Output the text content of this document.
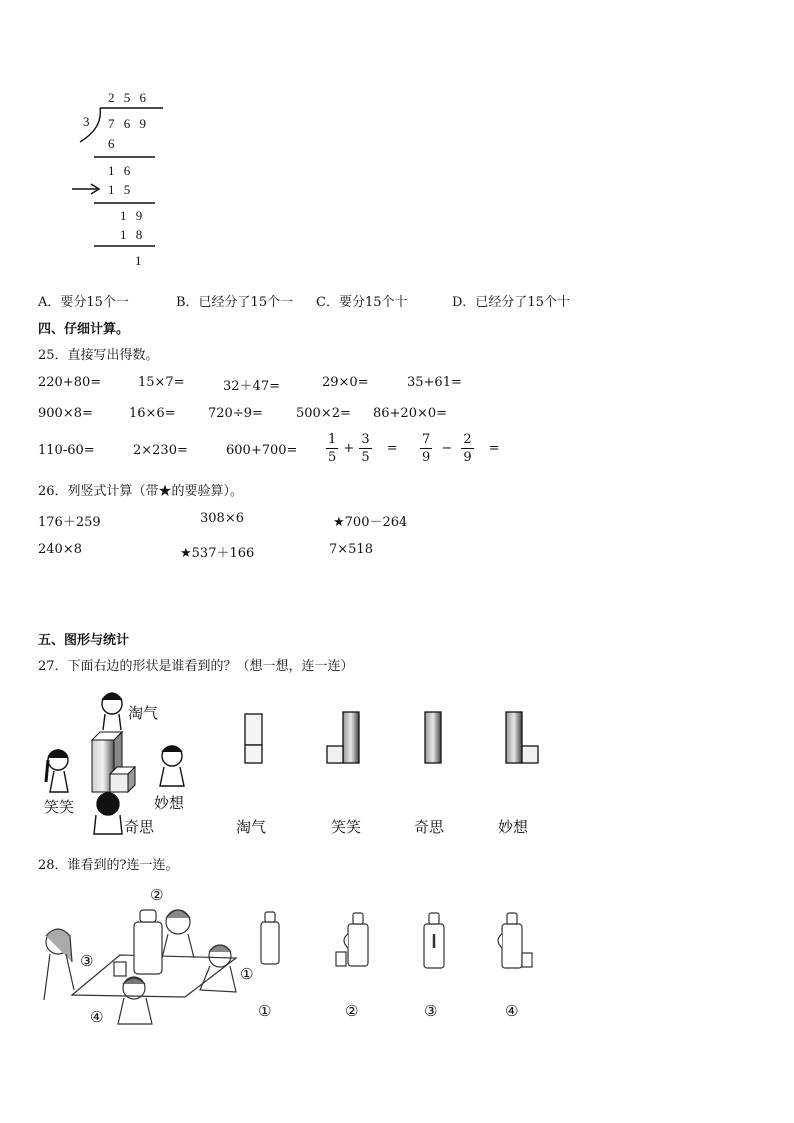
2 5 6
3 7 6 9
6
1 6
1 5
1 9
1 8
1
A．要分15个一	B．已经分了15个一 C．要分15个十	D．已经分了15个十
四、仔细计算。
25．直接写出得数。
220+80=	15×7=	32＋47=	29×0=	35+61=
900×8=	16×6= 720÷9=	500×2= 86+20×0=
110-60=	2×230=	$600+700= \frac{1}{5} + \frac{3}{5} = \frac{7}{9} - \frac{2}{9}$ =
26．列竖式计算（带★的要验算）。
176＋259	308×6	★700－264
240×8	★537＋166	7×518
五、图形与统计
27．下面右边的形状是谁看到的？（想一想，连一连）
淘气
笑笑	妙想
奇思	淘气	笑笑	奇思	妙想
28．谁看到的?连一连。
②
③
①
④	①	②	③	④
